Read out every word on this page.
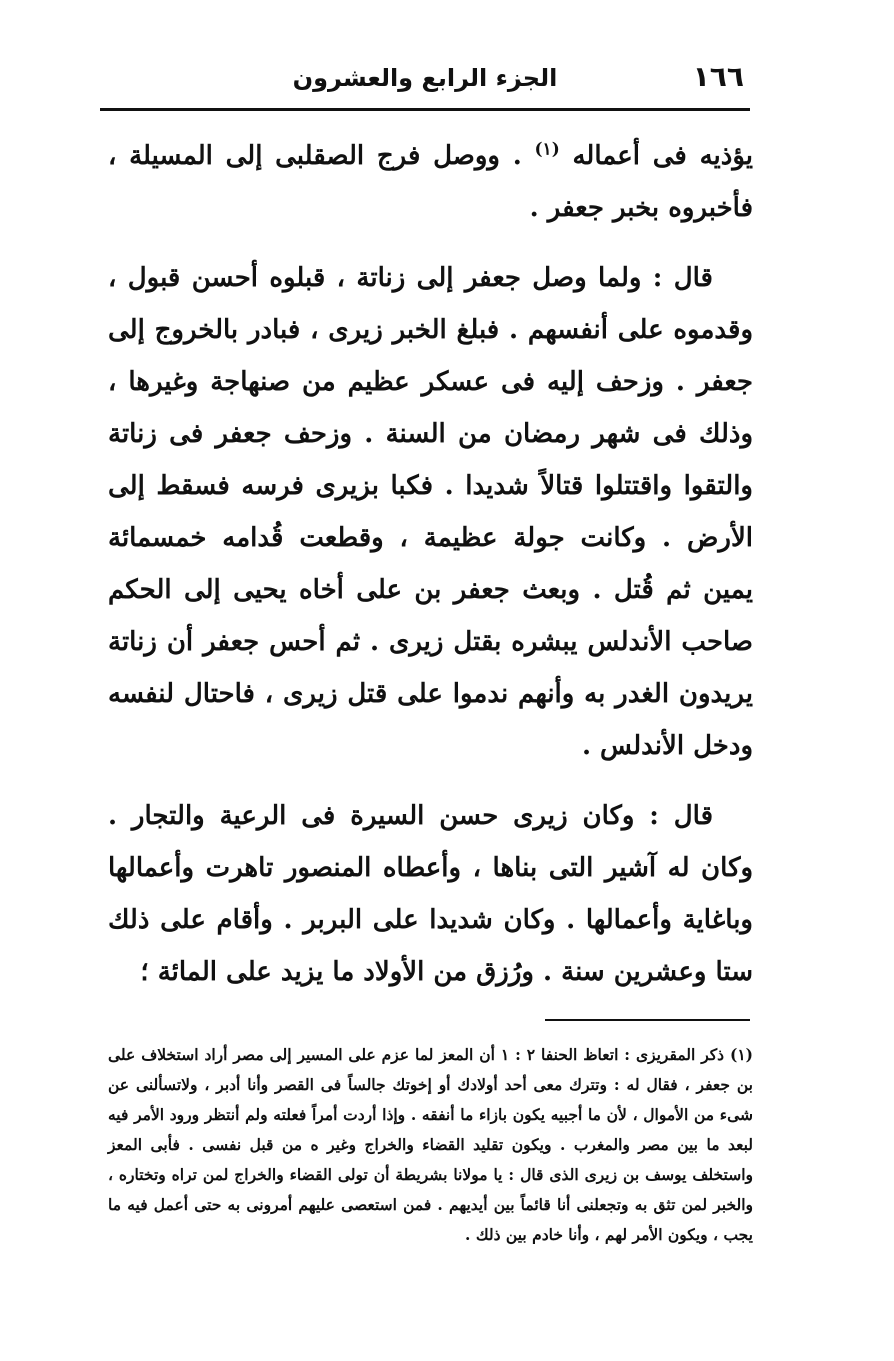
١٦٦
الجزء الرابع والعشرون

يؤذيه فى أعماله $^{(١)}$ . ووصل فرج الصقلبى إلى المسيلة ، فأخبروه بخبر جعفر .

قال : ولما وصل جعفر إلى زناتة ، قبلوه أحسن قبول ، وقدموه على أنفسهم . فبلغ الخبر زيرى ، فبادر بالخروج إلى جعفر . وزحف إليه فى عسكر عظيم من صنهاجة وغيرها ، وذلك فى شهر رمضان من السنة . وزحف جعفر فى زناتة والتقوا واقتتلوا قتالاً شديدا . فكبا بزيرى فرسه فسقط إلى الأرض . وكانت جولة عظيمة ، وقطعت قُدامه خمسمائة يمين ثم قُتل . وبعث جعفر بن على أخاه يحيى إلى الحكم صاحب الأندلس يبشره بقتل زيرى . ثم أحس جعفر أن زناتة يريدون الغدر به وأنهم ندموا على قتل زيرى ، فاحتال لنفسه ودخل الأندلس .

قال : وكان زيرى حسن السيرة فى الرعية والتجار . وكان له آشير التى بناها ، وأعطاه المنصور تاهرت وأعمالها وباغاية وأعمالها . وكان شديدا على البربر . وأقام على ذلك ستا وعشرين سنة . ورُزق من الأولاد ما يزيد على المائة ؛

(١) ذكر المقريزى : اتعاظ الحنفا ٢ : ١ أن المعز لما عزم على المسير إلى مصر أراد استخلاف على بن جعفر ، فقال له : وتترك معى أحد أولادك أو إخوتك جالساً فى القصر وأنا أدبر ، ولاتسألنى عن شىء من الأموال ، لأن ما أجبيه يكون بازاء ما أنفقه . وإذا أردت أمراً فعلته ولم أنتظر ورود الأمر فيه لبعد ما بين مصر والمغرب . ويكون تقليد القضاء والخراج وغير ه من قبل نفسى . فأبى المعز واستخلف يوسف بن زيرى الذى قال : يا مولانا بشريطة أن تولى القضاء والخراج لمن تراه وتختاره ، والخبر لمن تثق به وتجعلنى أنا قائماً بين أيديهم . فمن استعصى عليهم أمرونى به حتى أعمل فيه ما يجب ، ويكون الأمر لهم ، وأنا خادم بين ذلك .
